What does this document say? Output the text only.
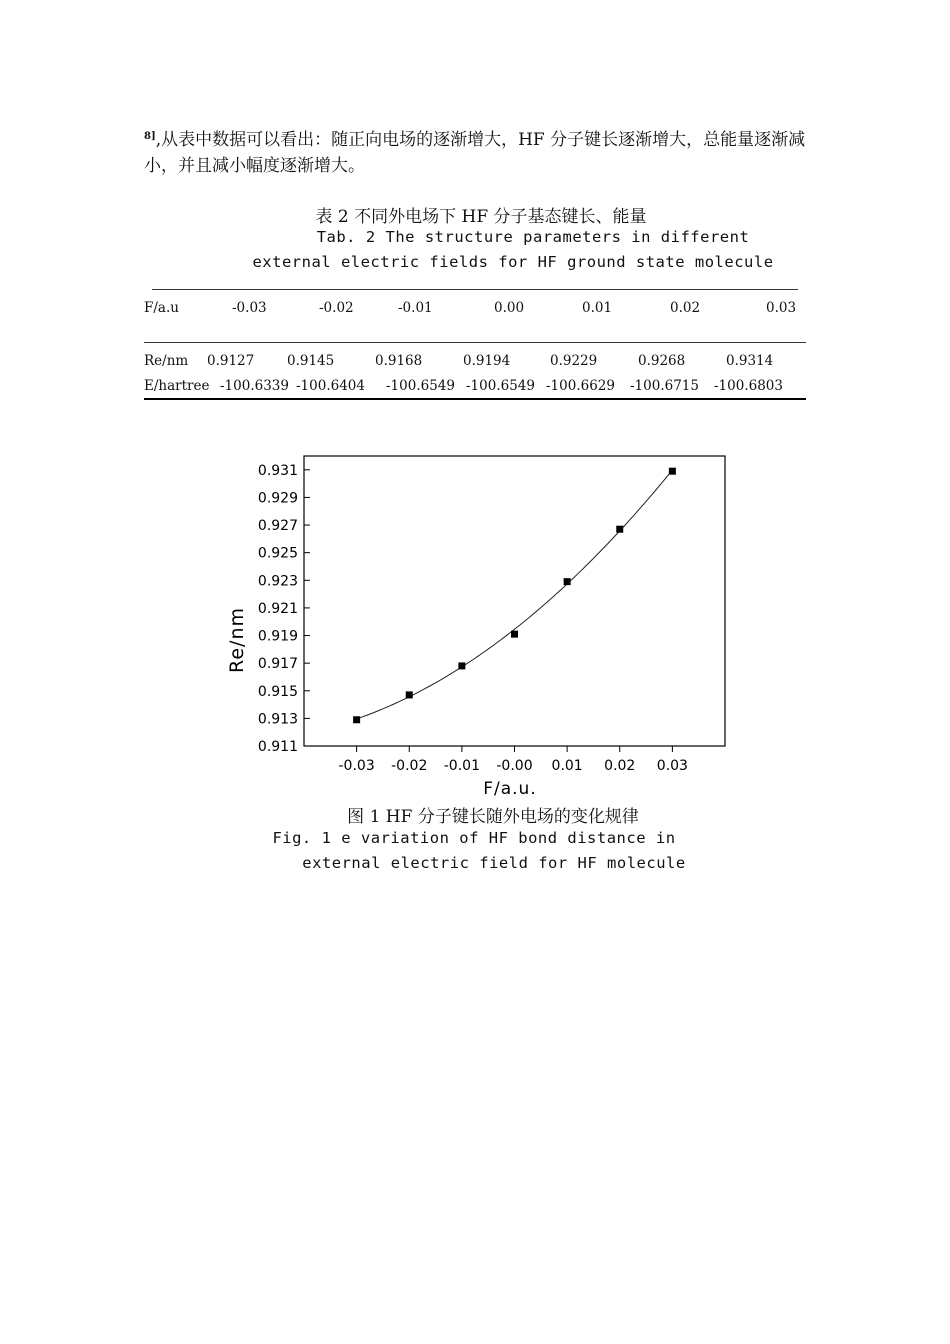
$^{8]}$,从表中数据可以看出：随正向电场的逐渐增大，HF 分子键长逐渐增大，总能量逐渐减小，并且减小幅度逐渐增大。

表 2 不同外电场下 HF 分子基态键长、能量
Tab. 2 The structure parameters in different
external electric fields for HF ground state molecule
F/a.u	-0.03	-0.02	-0.01	0.00	0.01	0.02	0.03
Re/nm 0.9127 0.9145	0.9168	0.9194	0.9229	0.9268	0.9314
E/hartree -100.6339 -100.6404 -100.6549 -100.6549 -100.6629 -100.6715 -100.6803
-0.03 -0.02 -0.01 -0.00 0.01 0.02 0.03
0.911
0.913
0.915
0.917
0.919
0.921
0.923
0.925
0.927
0.929
0.931
F/a.u.
Re/nm
图 1 HF 分子键长随外电场的变化规律
Fig. 1 e variation of HF bond distance in
external electric field for HF molecule
